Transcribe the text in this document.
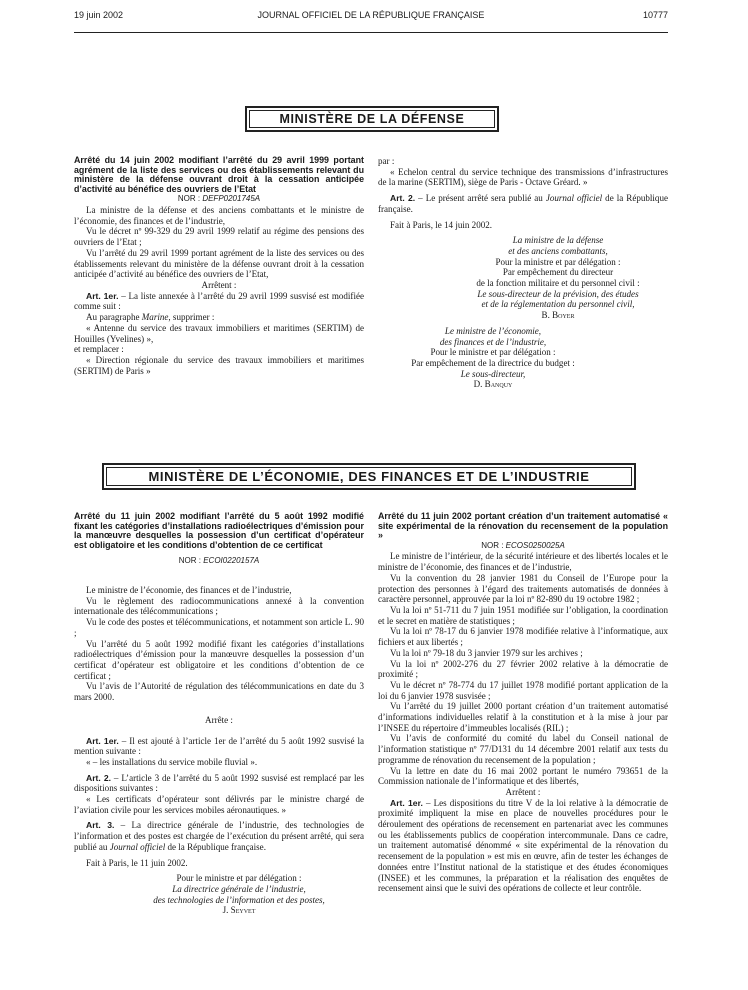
19 juin 2002	JOURNAL OFFICIEL DE LA RÉPUBLIQUE FRANÇAISE	10777
MINISTÈRE DE LA DÉFENSE

Arrêté du 14 juin 2002 modifiant l’arrêté du 29 avril 1999 portant agrément de la liste des services ou des établissements relevant du ministère de la défense ouvrant droit à la cessation anticipée d’activité au bénéfice des ouvriers de l’Etat

NOR : DEFP0201745A

La ministre de la défense et des anciens combattants et le ministre de l’économie, des finances et de l’industrie,

Vu le décret nº 99-329 du 29 avril 1999 relatif au régime des pensions des ouvriers de l’Etat ;

Vu l’arrêté du 29 avril 1999 portant agrément de la liste des services ou des établissements relevant du ministère de la défense ouvrant droit à la cessation anticipée d’activité au bénéfice des ouvriers de l’Etat,

Arrêtent :

Art. 1er. – La liste annexée à l’arrêté du 29 avril 1999 susvisé est modifiée comme suit :

Au paragraphe Marine, supprimer :

« Antenne du service des travaux immobiliers et maritimes (SERTIM) de Houilles (Yvelines) »,

et remplacer :

« Direction régionale du service des travaux immobiliers et maritimes (SERTIM) de Paris »

par :

« Echelon central du service technique des transmissions d’infrastructures de la marine (SERTIM), siège de Paris - Octave Gréard. »

Art. 2. – Le présent arrêté sera publié au Journal officiel de la République française.

Fait à Paris, le 14 juin 2002.

La ministre de la défense

et des anciens combattants,

Pour la ministre et par délégation :

Par empêchement du directeur

de la fonction militaire et du personnel civil :

Le sous-directeur de la prévision, des études

et de la réglementation du personnel civil,

B. Boyer

Le ministre de l’économie,

des finances et de l’industrie,

Pour le ministre et par délégation :

Par empêchement de la directrice du budget :

Le sous-directeur,

D. Banquy

MINISTÈRE DE L’ÉCONOMIE, DES FINANCES ET DE L’INDUSTRIE

Arrêté du 11 juin 2002 modifiant l’arrêté du 5 août 1992 modifié fixant les catégories d’installations radioélectriques d’émission pour la manœuvre desquelles la possession d’un certificat d’opérateur est obligatoire et les conditions d’obtention de ce certificat

NOR : ECOI0220157A

Le ministre de l’économie, des finances et de l’industrie,

Vu le règlement des radiocommunications annexé à la convention internationale des télécommunications ;

Vu le code des postes et télécommunications, et notamment son article L. 90 ;

Vu l’arrêté du 5 août 1992 modifié fixant les catégories d’installations radioélectriques d’émission pour la manœuvre desquelles la possession d’un certificat d’opérateur est obligatoire et les conditions d’obtention de ce certificat ;

Vu l’avis de l’Autorité de régulation des télécommunications en date du 3 mars 2000.

Arrête :

Art. 1er. – Il est ajouté à l’article 1er de l’arrêté du 5 août 1992 susvisé la mention suivante :

« – les installations du service mobile fluvial ».

Art. 2. – L’article 3 de l’arrêté du 5 août 1992 susvisé est remplacé par les dispositions suivantes :

« Les certificats d’opérateur sont délivrés par le ministre chargé de l’aviation civile pour les services mobiles aéronautiques. »

Art. 3. – La directrice générale de l’industrie, des technologies de l’information et des postes est chargée de l’exécution du présent arrêté, qui sera publié au Journal officiel de la République française.

Fait à Paris, le 11 juin 2002.

Pour le ministre et par délégation :

La directrice générale de l’industrie,

des technologies de l’information et des postes,

J. Seyvet

Arrêté du 11 juin 2002 portant création d’un traitement automatisé « site expérimental de la rénovation du recensement de la population »

NOR : ECOS0250025A

Le ministre de l’intérieur, de la sécurité intérieure et des libertés locales et le ministre de l’économie, des finances et de l’industrie,

Vu la convention du 28 janvier 1981 du Conseil de l’Europe pour la protection des personnes à l’égard des traitements automatisés de données à caractère personnel, approuvée par la loi nº 82-890 du 19 octobre 1982 ;

Vu la loi nº 51-711 du 7 juin 1951 modifiée sur l’obligation, la coordination et le secret en matière de statistiques ;

Vu la loi nº 78-17 du 6 janvier 1978 modifiée relative à l’informatique, aux fichiers et aux libertés ;

Vu la loi nº 79-18 du 3 janvier 1979 sur les archives ;

Vu la loi nº 2002-276 du 27 février 2002 relative à la démocratie de proximité ;

Vu le décret nº 78-774 du 17 juillet 1978 modifié portant application de la loi du 6 janvier 1978 susvisée ;

Vu l’arrêté du 19 juillet 2000 portant création d’un traitement automatisé d’informations individuelles relatif à la constitution et à la mise à jour par l’INSEE du répertoire d’immeubles localisés (RIL) ;

Vu l’avis de conformité du comité du label du Conseil national de l’information statistique nº 77/D131 du 14 décembre 2001 relatif aux tests du programme de rénovation du recensement de la population ;

Vu la lettre en date du 16 mai 2002 portant le numéro 793651 de la Commission nationale de l’informatique et des libertés,

Arrêtent :

Art. 1er. – Les dispositions du titre V de la loi relative à la démocratie de proximité impliquent la mise en place de nouvelles procédures pour le déroulement des opérations de recensement en partenariat avec les communes ou les établissements publics de coopération intercommunale. Dans ce cadre, un traitement automatisé dénommé « site expérimental de la rénovation du recensement de la population » est mis en œuvre, afin de tester les échanges de données entre l’Institut national de la statistique et des études économiques (INSEE) et les communes, la préparation et la réalisation des enquêtes de recensement ainsi que le suivi des opérations de collecte et leur contrôle.
